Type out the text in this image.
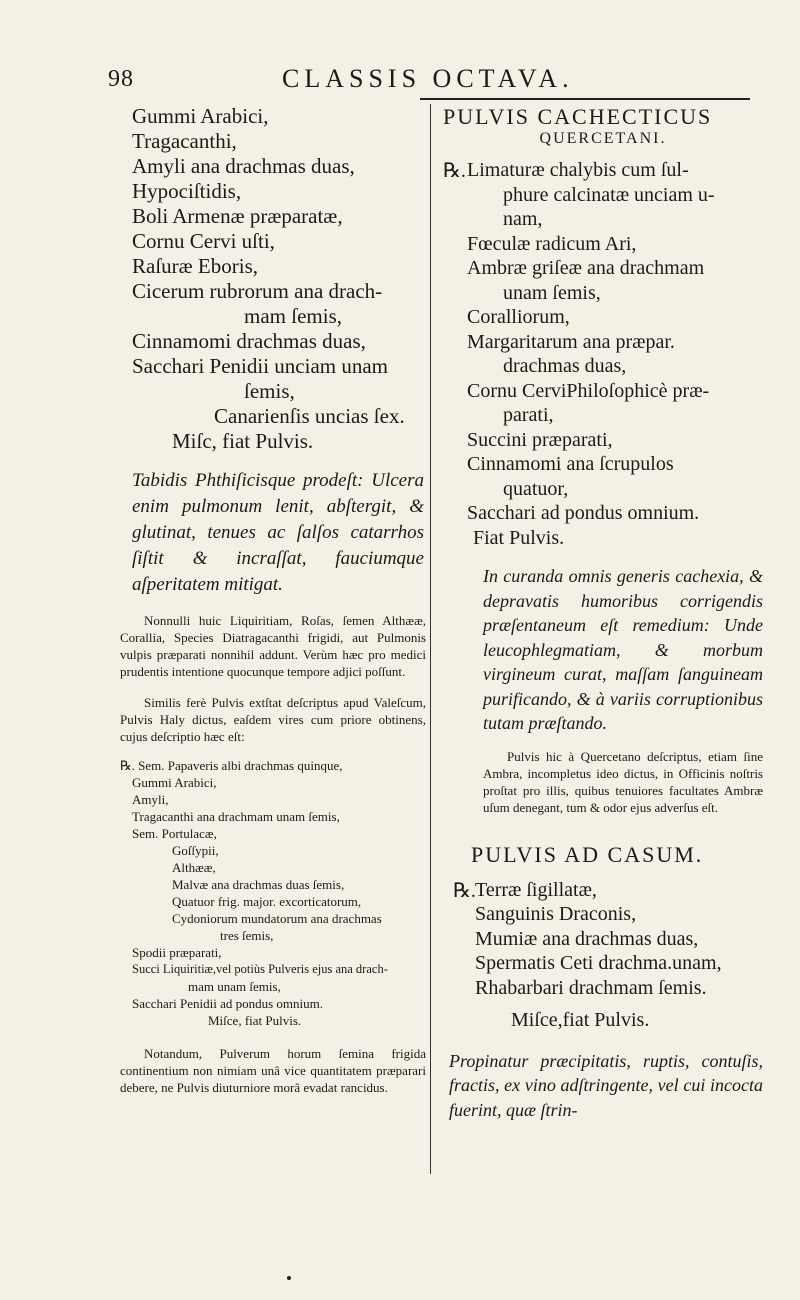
98	CLASSIS OCTAVA.

Gummi Arabici,

Tragacanthi,

Amyli ana drachmas duas,

Hypociſtidis,

Boli Armenæ præparatæ,

Cornu Cervi uſti,

Raſuræ Eboris,

Cicerum rubrorum ana drach-

mam ſemis,

Cinnamomi drachmas duas,

Sacchari Penidii unciam unam

ſemis,

Canarienſis uncias ſex.

Miſc, fiat Pulvis.

Tabidis Phthiſicisque prodeſt: Ulcera enim pulmonum lenit, abſtergit, & glutinat, tenues ac ſalſos catarrhos ſiſtit & incraſſat, fauciumque aſperitatem mitigat.

Nonnulli huic Liquiritiam, Roſas, ſemen Althææ, Corallia, Species Diatragacanthi frigidi, aut Pulmonis vulpis præparati nonnihil addunt. Verùm hæc pro medici prudentis intentione quocunque tempore adjici poſſunt.

Similis ferè Pulvis extſtat deſcriptus apud Valeſcum, Pulvis Haly dictus, eaſdem vires cum priore obtinens, cujus deſcriptio hæc eſt:

℞. Sem. Papaveris albi drachmas quinque,
Gummi Arabici,
Amyli,
Tragacanthi ana drachmam unam ſemis,
Sem. Portulacæ,
Goſſypii,
Althææ,
Malvæ ana drachmas duas ſemis,
Quatuor frig. major. excorticatorum,
Cydoniorum mundatorum ana drachmas
tres ſemis,
Spodii præparati,
Succi Liquiritiæ,vel potiùs Pulveris ejus ana drach-
mam unam ſemis,
Sacchari Penidii ad pondus omnium.
Miſce, fiat Pulvis.

Notandum, Pulverum horum ſemina frigida continentium non nimiam unâ vice quantitatem præparari debere, ne Pulvis diuturniore morâ evadat rancidus.

PULVIS CACHECTICUS

QUERCETANI.

℞. Limaturæ chalybis cum ſul-

phure calcinatæ unciam u-

nam,

Fœculæ radicum Ari,

Ambræ griſeæ ana drachmam

unam ſemis,

Coralliorum,

Margaritarum ana præpar.

drachmas duas,

Cornu CerviPhiloſophicè præ-

parati,

Succini præparati,

Cinnamomi ana ſcrupulos

quatuor,

Sacchari ad pondus omnium.

Fiat Pulvis.

In curanda omnis generis cachexia, & depravatis humoribus corrigendis præſentaneum eſt remedium: Unde leucophlegmatiam, & morbum virgineum curat, maſſam ſanguineam purificando, & à variis corruptionibus tutam præſtando.

Pulvis hic à Quercetano deſcriptus, etiam ſine Ambra, incompletus ideo dictus, in Officinis noſtris proſtat pro illis, quibus tenuiores facultates Ambræ uſum denegant, tum & odor ejus adverſus eſt.

PULVIS AD CASUM.

℞. Terræ ſigillatæ,

Sanguinis Draconis,

Mumiæ ana drachmas duas,

Spermatis Ceti drachma.unam,

Rhabarbari drachmam ſemis.

Miſce,fiat Pulvis.

Propinatur præcipitatis, ruptis, contuſis, fractis, ex vino adſtringente, vel cui incocta fuerint, quæ ſtrin-
